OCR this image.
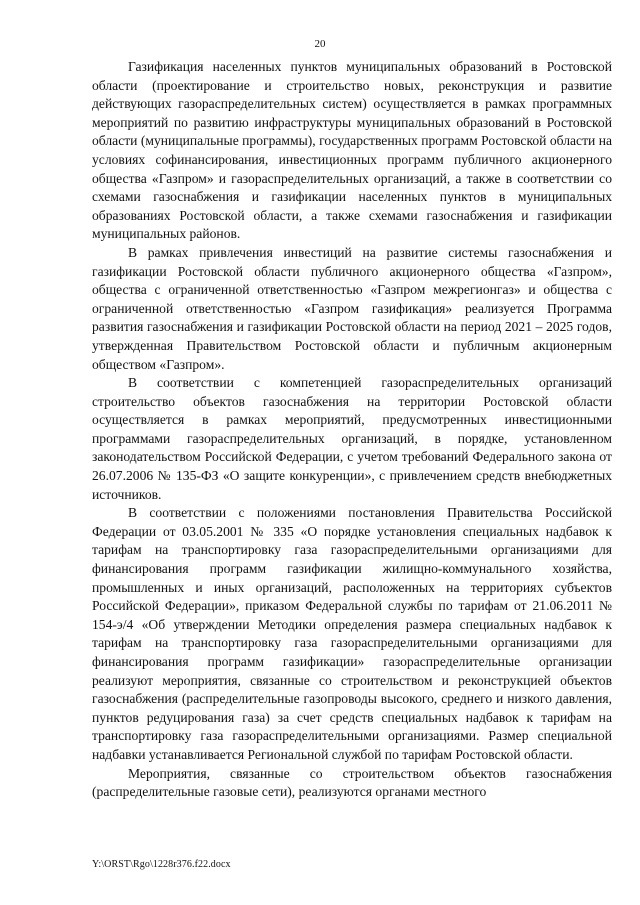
20

Газификация населенных пунктов муниципальных образований в Ростовской области (проектирование и строительство новых, реконструкция и развитие действующих газораспределительных систем) осуществляется в рамках программных мероприятий по развитию инфраструктуры муниципальных образований в Ростовской области (муниципальные программы), государственных программ Ростовской области на условиях софинансирования, инвестиционных программ публичного акционерного общества «Газпром» и газораспределительных организаций, а также в соответствии со схемами газоснабжения и газификации населенных пунктов в муниципальных образованиях Ростовской области, а также схемами газоснабжения и газификации муниципальных районов.

В рамках привлечения инвестиций на развитие системы газоснабжения и газификации Ростовской области публичного акционерного общества «Газпром», общества с ограниченной ответственностью «Газпром межрегионгаз» и общества с ограниченной ответственностью «Газпром газификация» реализуется Программа развития газоснабжения и газификации Ростовской области на период 2021 – 2025 годов, утвержденная Правительством Ростовской области и публичным акционерным обществом «Газпром».

В соответствии с компетенцией газораспределительных организаций строительство объектов газоснабжения на территории Ростовской области осуществляется в рамках мероприятий, предусмотренных инвестиционными программами газораспределительных организаций, в порядке, установленном законодательством Российской Федерации, с учетом требований Федерального закона от 26.07.2006 № 135-ФЗ «О защите конкуренции», с привлечением средств внебюджетных источников.

В соответствии с положениями постановления Правительства Российской Федерации от 03.05.2001 № 335 «О порядке установления специальных надбавок к тарифам на транспортировку газа газораспределительными организациями для финансирования программ газификации жилищно-коммунального хозяйства, промышленных и иных организаций, расположенных на территориях субъектов Российской Федерации», приказом Федеральной службы по тарифам от 21.06.2011 № 154-э/4 «Об утверждении Методики определения размера специальных надбавок к тарифам на транспортировку газа газораспределительными организациями для финансирования программ газификации» газораспределительные организации реализуют мероприятия, связанные со строительством и реконструкцией объектов газоснабжения (распределительные газопроводы высокого, среднего и низкого давления, пунктов редуцирования газа) за счет средств специальных надбавок к тарифам на транспортировку газа газораспределительными организациями. Размер специальной надбавки устанавливается Региональной службой по тарифам Ростовской области.

Мероприятия, связанные со строительством объектов газоснабжения (распределительные газовые сети), реализуются органами местного

Y:\ORST\Rgo\1228r376.f22.docx
